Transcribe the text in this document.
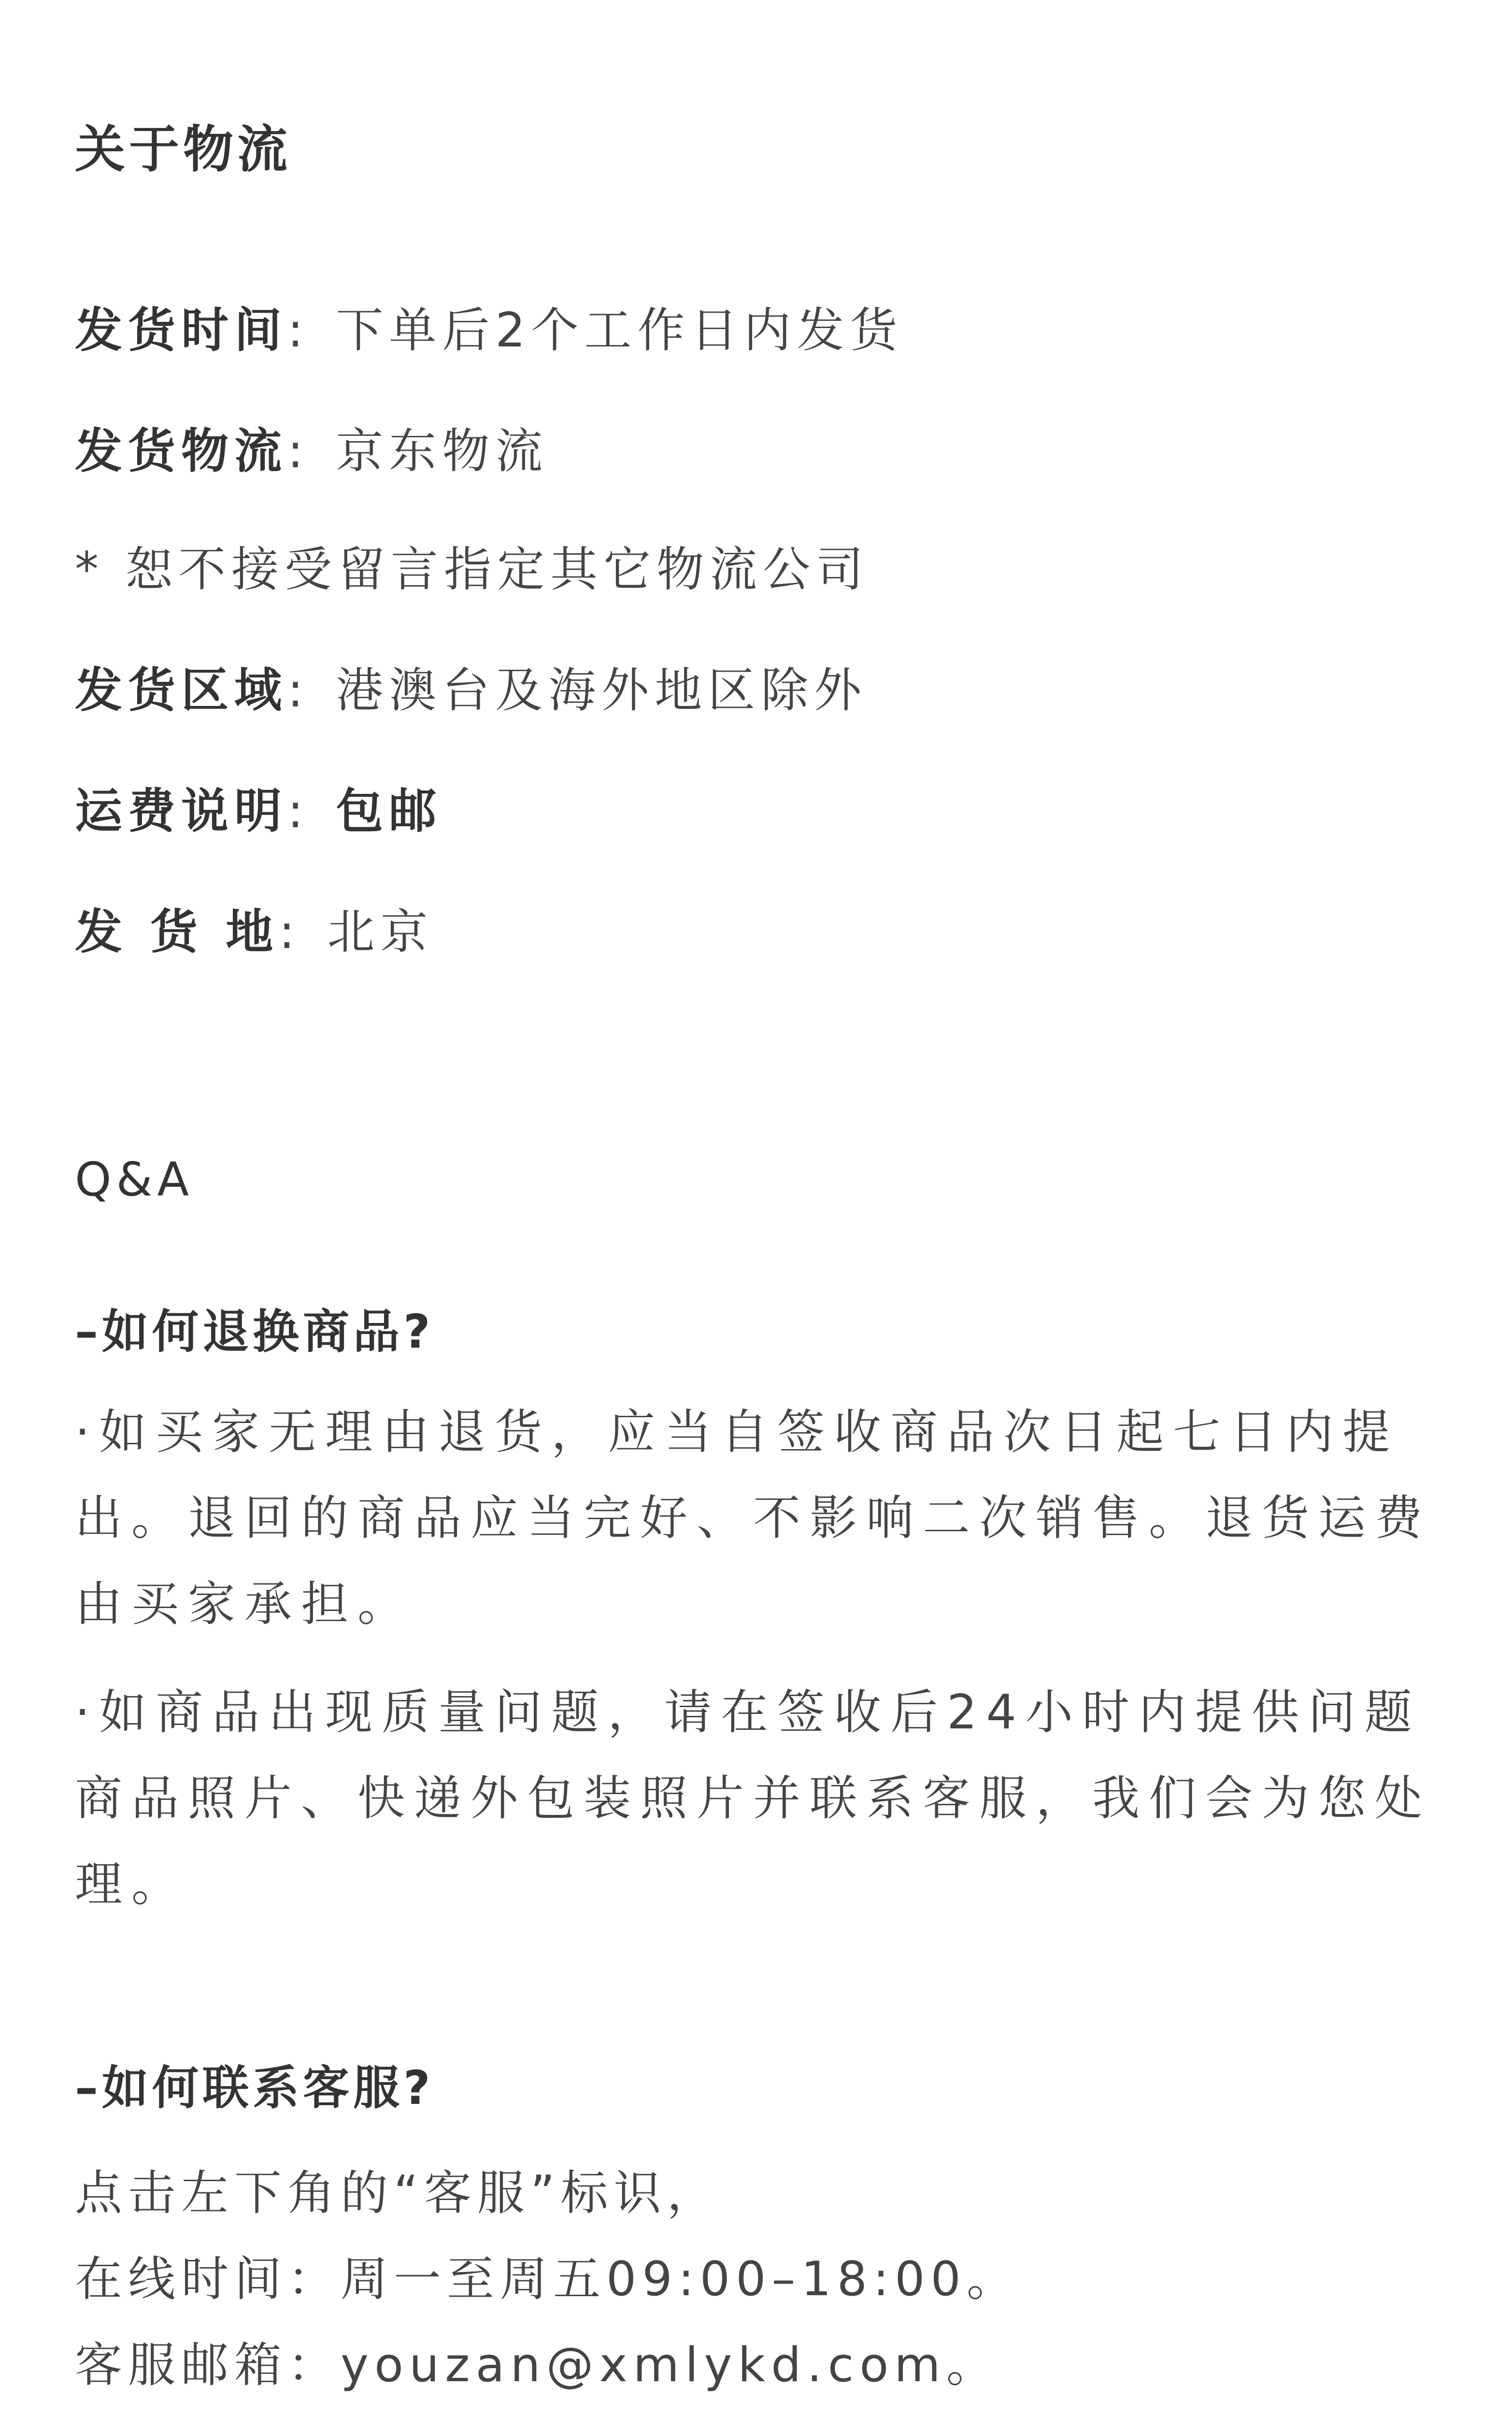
关于物流
发货时间: 下单后2个工作日内发货
发货物流: 京东物流
* 恕不接受留言指定其它物流公司
发货区域: 港澳台及海外地区除外
运费说明: 包邮
发 货 地: 北京
Q&A
–如何退换商品?
·如买家无理由退货，应当自签收商品次日起七日内提
出。退回的商品应当完好、不影响二次销售。退货运费
由买家承担。
·如商品出现质量问题，请在签收后24小时内提供问题
商品照片、快递外包装照片并联系客服，我们会为您处
理。
–如何联系客服?
点击左下角的“客服”标识，
在线时间：周一至周五09:00–18:00。
客服邮箱：youzan@xmlykd.com。
